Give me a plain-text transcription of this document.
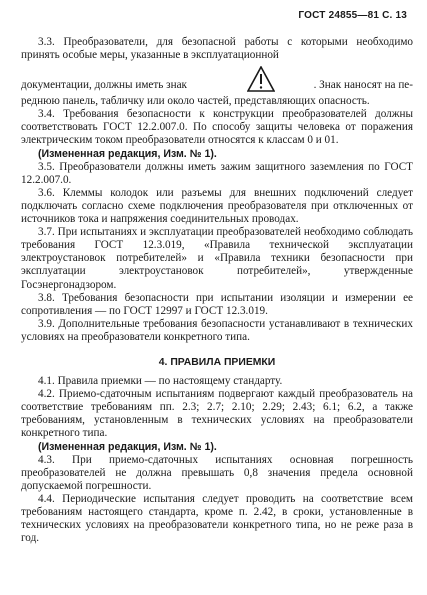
ГОСТ 24855—81 С. 13

3.3. Преобразователи, для безопасной работы с которыми необходимо принять особые меры, указанные в эксплуатационной

документации, должны иметь знак	. Знак наносят на пе-

реднюю панель, табличку или около частей, представляющих опасность.

3.4. Требования безопасности к конструкции преобразователей должны соответствовать ГОСТ 12.2.007.0. По способу защиты человека от поражения электрическим током преобразователи относятся к классам 0 и 01.

(Измененная редакция, Изм. № 1).

3.5. Преобразователи должны иметь зажим защитного заземления по ГОСТ 12.2.007.0.

3.6. Клеммы колодок или разъемы для внешних подключений следует подключать согласно схеме подключения преобразователя при отключенных от источников тока и напряжения соединительных проводах.

3.7. При испытаниях и эксплуатации преобразователей необходимо соблюдать требования ГОСТ 12.3.019, «Правила технической эксплуатации электроустановок потребителей» и «Правила техники безопасности при эксплуатации электроустановок потребителей», утвержденные Госэнергонадзором.

3.8. Требования безопасности при испытании изоляции и измерении ее сопротивления — по ГОСТ 12997 и ГОСТ 12.3.019.

3.9. Дополнительные требования безопасности устанавливают в технических условиях на преобразователи конкретного типа.

4. ПРАВИЛА ПРИЕМКИ

4.1. Правила приемки — по настоящему стандарту.

4.2. Приемо-сдаточным испытаниям подвергают каждый преобразователь на соответствие требованиям пп. 2.3; 2.7; 2.10; 2.29; 2.43; 6.1; 6.2, а также требованиям, установленным в технических условиях на преобразователи конкретного типа.

(Измененная редакция, Изм. № 1).

4.3. При приемо-сдаточных испытаниях основная погрешность преобразователей не должна превышать 0,8 значения предела основной допускаемой погрешности.

4.4. Периодические испытания следует проводить на соответствие всем требованиям настоящего стандарта, кроме п. 2.42, в сроки, установленные в технических условиях на преобразователи конкретного типа, но не реже раза в год.
